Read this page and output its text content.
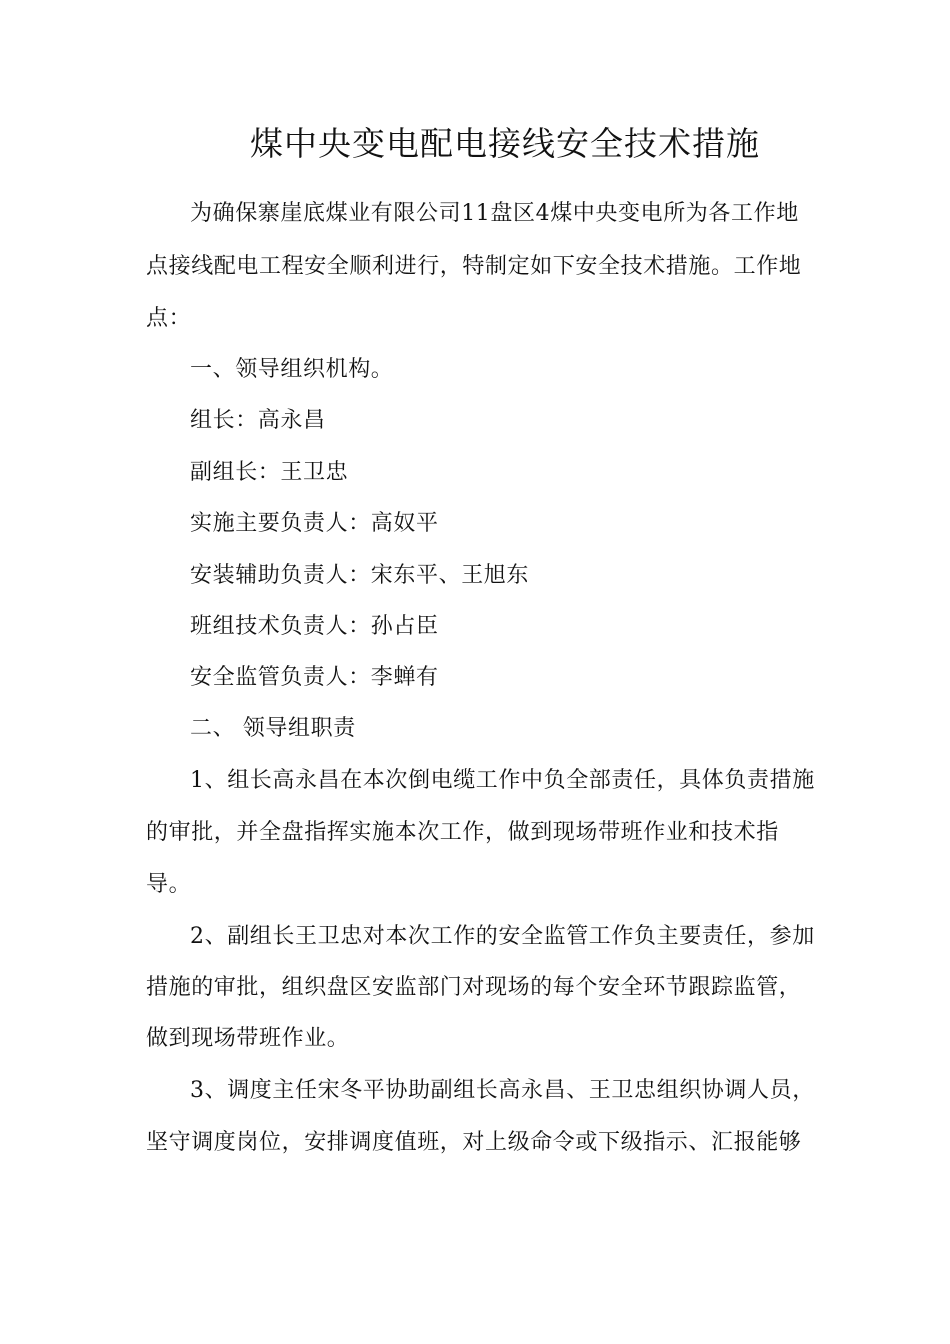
煤中央变电配电接线安全技术措施
为确保寨崖底煤业有限公司11盘区4煤中央变电所为各工作地
点接线配电工程安全顺利进行，特制定如下安全技术措施。工作地
点：
一、领导组织机构。
组长：高永昌
副组长：王卫忠
实施主要负责人：高奴平
安装辅助负责人：宋东平、王旭东
班组技术负责人：孙占臣
安全监管负责人：李蝉有
二、 领导组职责
1、组长高永昌在本次倒电缆工作中负全部责任，具体负责措施
的审批，并全盘指挥实施本次工作，做到现场带班作业和技术指
导。
2、副组长王卫忠对本次工作的安全监管工作负主要责任，参加
措施的审批，组织盘区安监部门对现场的每个安全环节跟踪监管，
做到现场带班作业。
3、调度主任宋冬平协助副组长高永昌、王卫忠组织协调人员，
坚守调度岗位，安排调度值班，对上级命令或下级指示、汇报能够
